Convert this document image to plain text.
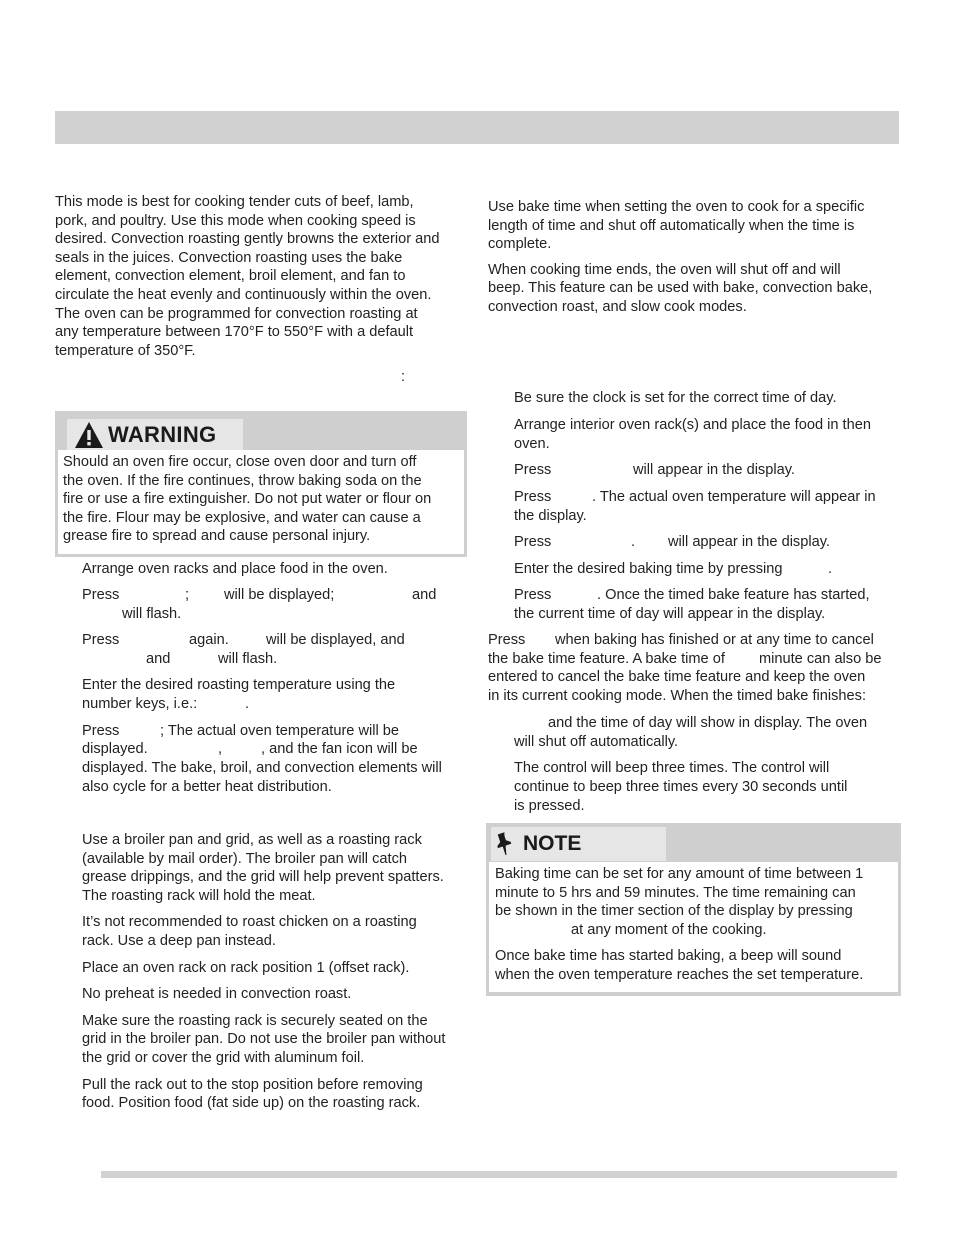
This mode is best for cooking tender cuts of beef, lamb,

pork, and poultry. Use this mode when cooking speed is

desired. Convection roasting gently browns the exterior and

seals in the juices. Convection roasting uses the bake

element, convection element, broil element, and fan to

circulate the heat evenly and continuously within the oven.

The oven can be programmed for convection roasting at

any temperature between 170°F to 550°F with a default

temperature of 350°F.

:
WARNING

Should an oven fire occur, close oven door and turn off

the oven. If the fire continues, throw baking soda on the

fire or use a fire extinguisher. Do not put water or flour on

the fire. Flour may be explosive, and water can cause a

grease fire to spread and cause personal injury.

Arrange oven racks and place food in the oven.
Press	; will be displayed;	and
will flash.
Press	again.	will be displayed, and
and	will flash.
Enter the desired roasting temperature using the
number keys, i.e.:	.
Press	; The actual oven temperature will be
displayed.	,	, and the fan icon will be
displayed. The bake, broil, and convection elements will
also cycle for a better heat distribution.

Use a broiler pan and grid, as well as a roasting rack

(available by mail order). The broiler pan will catch

grease drippings, and the grid will help prevent spatters.

The roasting rack will hold the meat.

It’s not recommended to roast chicken on a roasting

rack. Use a deep pan instead.

Place an oven rack on rack position 1 (offset rack).

No preheat is needed in convection roast.

Make sure the roasting rack is securely seated on the

grid in the broiler pan. Do not use the broiler pan without

the grid or cover the grid with aluminum foil.

Pull the rack out to the stop position before removing

food. Position food (fat side up) on the roasting rack.

Use bake time when setting the oven to cook for a specific

length of time and shut off automatically when the time is

complete.

When cooking time ends, the oven will shut off and will

beep. This feature can be used with bake, convection bake,

convection roast, and slow cook modes.

Be sure the clock is set for the correct time of day.
Arrange interior oven rack(s) and place the food in then
oven.
Press	will appear in the display.
Press	. The actual oven temperature will appear in
the display.
Press	. will appear in the display.
Enter the desired baking time by pressing	.
Press	. Once the timed bake feature has started,
the current time of day will appear in the display.
Press when baking has finished or at any time to cancel
the bake time feature. A bake time of minute can also be
entered to cancel the bake time feature and keep the oven
in its current cooking mode. When the timed bake finishes:
and the time of day will show in display. The oven
will shut off automatically.
The control will beep three times. The control will
continue to beep three times every 30 seconds until
is pressed.
NOTE

Baking time can be set for any amount of time between 1

minute to 5 hrs and 59 minutes. The time remaining can

be shown in the timer section of the display by pressing

at any moment of the cooking.

Once bake time has started baking, a beep will sound

when the oven temperature reaches the set temperature.
